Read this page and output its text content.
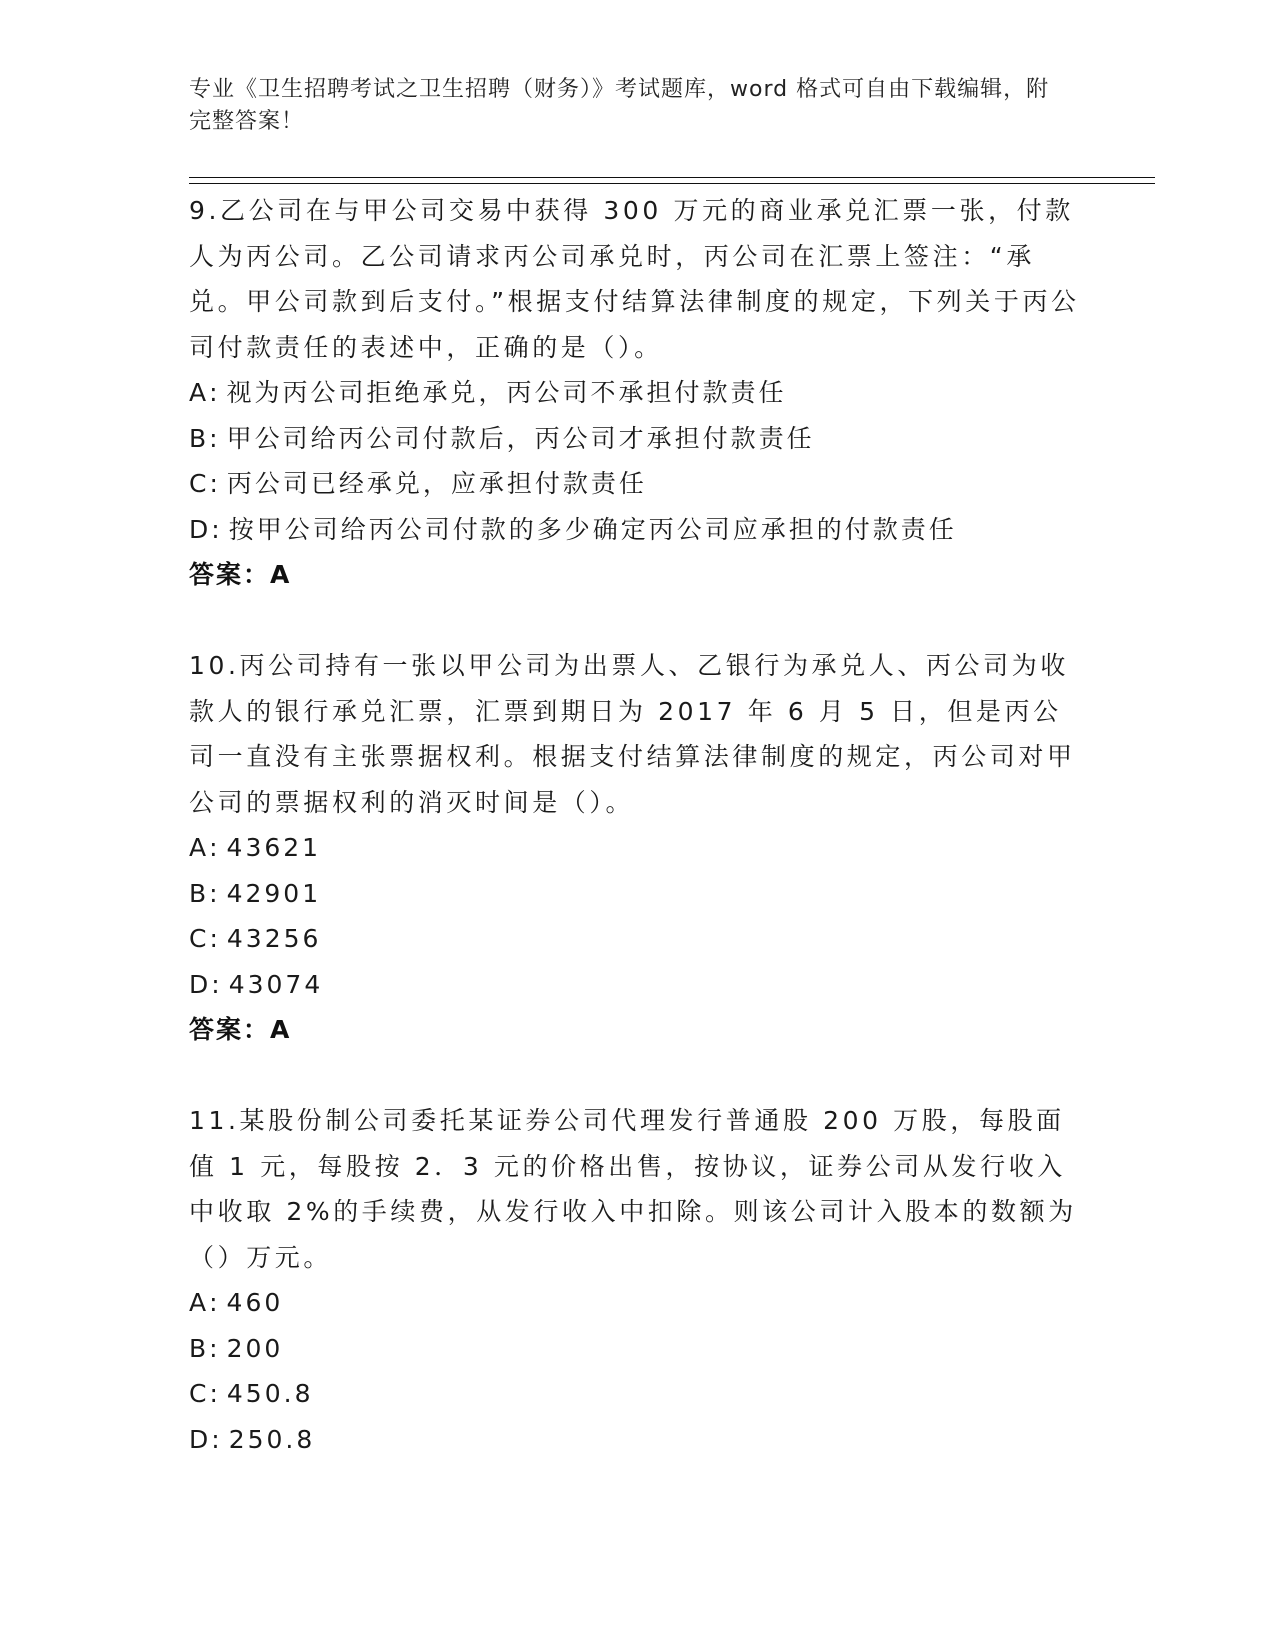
专业《卫生招聘考试之卫生招聘（财务）》考试题库，word 格式可自由下载编辑，附完整答案！

9.乙公司在与甲公司交易中获得 300 万元的商业承兑汇票一张，付款人为丙公司。乙公司请求丙公司承兑时，丙公司在汇票上签注：“承兑。甲公司款到后支付。”根据支付结算法律制度的规定，下列关于丙公司付款责任的表述中，正确的是（）。

A: 视为丙公司拒绝承兑，丙公司不承担付款责任

B: 甲公司给丙公司付款后，丙公司才承担付款责任

C: 丙公司已经承兑，应承担付款责任

D: 按甲公司给丙公司付款的多少确定丙公司应承担的付款责任

答案：A

10.丙公司持有一张以甲公司为出票人、乙银行为承兑人、丙公司为收款人的银行承兑汇票，汇票到期日为 2017 年 6 月 5 日，但是丙公司一直没有主张票据权利。根据支付结算法律制度的规定，丙公司对甲公司的票据权利的消灭时间是（）。

A: 43621

B: 42901

C: 43256

D: 43074

答案：A

11.某股份制公司委托某证券公司代理发行普通股 200 万股，每股面值 1 元，每股按 2．3 元的价格出售，按协议，证券公司从发行收入中收取 2%的手续费，从发行收入中扣除。则该公司计入股本的数额为（）万元。

A: 460

B: 200

C: 450.8

D: 250.8
